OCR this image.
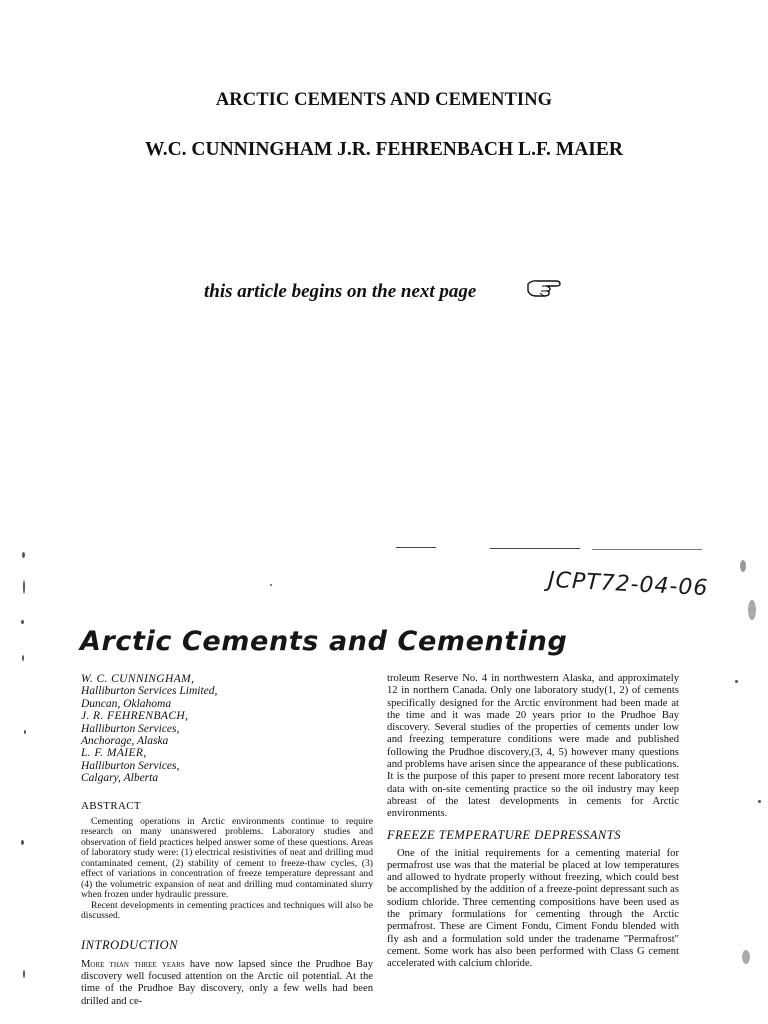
ARCTIC CEMENTS AND CEMENTING
W.C. CUNNINGHAM J.R. FEHRENBACH L.F. MAIER
this article begins on the next page
JCPT72-04-06
Arctic Cements and Cementing
W. C. CUNNINGHAM,
Halliburton Services Limited,
Duncan, Oklahoma
J. R. FEHRENBACH,
Halliburton Services,
Anchorage, Alaska
L. F. MAIER,
Halliburton Services,
Calgary, Alberta
ABSTRACT

Cementing operations in Arctic environments continue to require research on many unanswered problems. Laboratory studies and observation of field practices helped answer some of these questions. Areas of laboratory study were: (1) electrical resistivities of neat and drilling mud contaminated cement, (2) stability of cement to freeze-thaw cycles, (3) effect of variations in concentration of freeze temperature depressant and (4) the volumetric expansion of neat and drilling mud contaminated slurry when frozen under hydraulic pressure.

Recent developments in cementing practices and techniques will also be discussed.

INTRODUCTION

More than three years have now lapsed since the Prudhoe Bay discovery well focused attention on the Arctic oil potential. At the time of the Prudhoe Bay discovery, only a few wells had been drilled and ce-

troleum Reserve No. 4 in northwestern Alaska, and approximately 12 in northern Canada. Only one laboratory study(1, 2) of cements specifically designed for the Arctic environment had been made at the time and it was made 20 years prior to the Prudhoe Bay discovery. Several studies of the properties of cements under low and freezing temperature conditions were made and published following the Prudhoe discovery,(3, 4, 5) however many questions and problems have arisen since the appearance of these publications. It is the purpose of this paper to present more recent laboratory test data with on-site cementing practice so the oil industry may keep abreast of the latest developments in cements for Arctic environments.

FREEZE TEMPERATURE DEPRESSANTS

One of the initial requirements for a cementing material for permafrost use was that the material be placed at low temperatures and allowed to hydrate properly without freezing, which could best be accomplished by the addition of a freeze-point depressant such as sodium chloride. Three cementing compositions have been used as the primary formulations for cementing through the Arctic permafrost. These are Ciment Fondu, Ciment Fondu blended with fly ash and a formulation sold under the tradename "Permafrost" cement. Some work has also been performed with Class G cement accelerated with calcium chloride.
